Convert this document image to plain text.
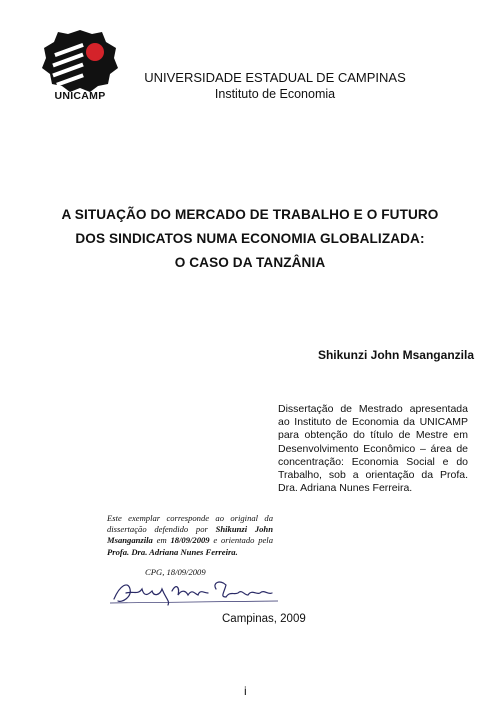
UNICAMP
UNIVERSIDADE ESTADUAL DE CAMPINAS
Instituto de Economia
A SITUAÇÃO DO MERCADO DE TRABALHO E O FUTURO
DOS SINDICATOS NUMA ECONOMIA GLOBALIZADA:
O CASO DA TANZÂNIA
Shikunzi John Msanganzila
Dissertação de Mestrado apresentada ao Instituto de Economia da UNICAMP para obtenção do título de Mestre em Desenvolvimento Econômico – área de concentração: Economia Social e do Trabalho, sob a orientação da Profa. Dra. Adriana Nunes Ferreira.
Este exemplar corresponde ao original da dissertação defendido por Shikunzi John Msanganzila em 18/09/2009 e orientado pela Profa. Dra. Adriana Nunes Ferreira.
CPG, 18/09/2009
Campinas, 2009
i
